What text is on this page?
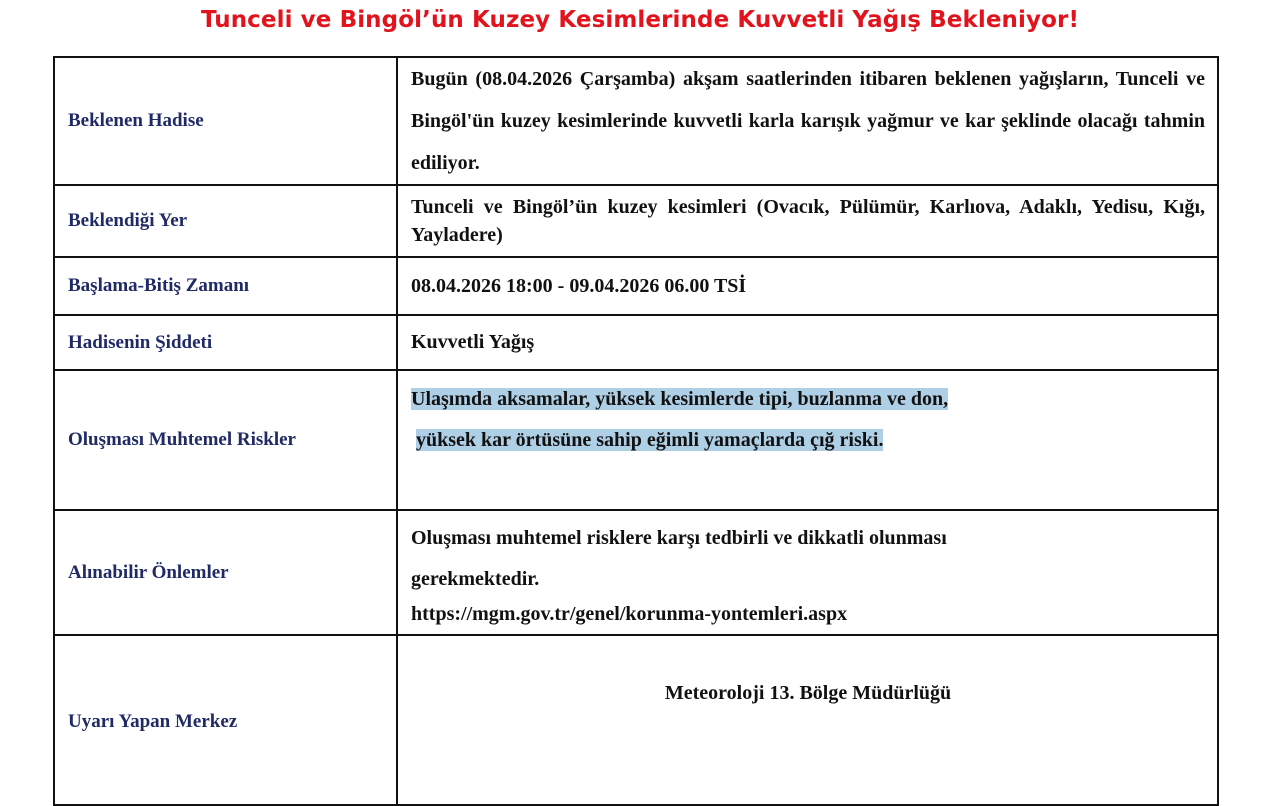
Tunceli ve Bingöl’ün Kuzey Kesimlerinde Kuvvetli Yağış Bekleniyor!
Beklenen Hadise	Bugün (08.04.2026 Çarşamba) akşam saatlerinden itibaren beklenen yağışların, Tunceli ve Bingöl'ün kuzey kesimlerinde kuvvetli karla karışık yağmur ve kar şeklinde olacağı tahmin ediliyor.

Beklendiği Yer	Tunceli ve Bingöl’ün kuzey kesimleri (Ovacık, Pülümür, Karlıova, Adaklı, Yedisu, Kığı, Yayladere)

Başlama-Bitiş Zamanı	08.04.2026 18:00 - 09.04.2026 06.00 TSİ
Hadisenin Şiddeti	Kuvvetli Yağış
Oluşması Muhtemel Riskler	Ulaşımda aksamalar, yüksek kesimlerde tipi, buzlanma ve don,
yüksek kar örtüsüne sahip eğimli yamaçlarda çığ riski.

Alınabilir Önlemler	Oluşması muhtemel risklere karşı tedbirli ve dikkatli olunması
gerekmektedir.
https://mgm.gov.tr/genel/korunma-yontemleri.aspx

Uyarı Yapan Merkez	Meteoroloji 13. Bölge Müdürlüğü
